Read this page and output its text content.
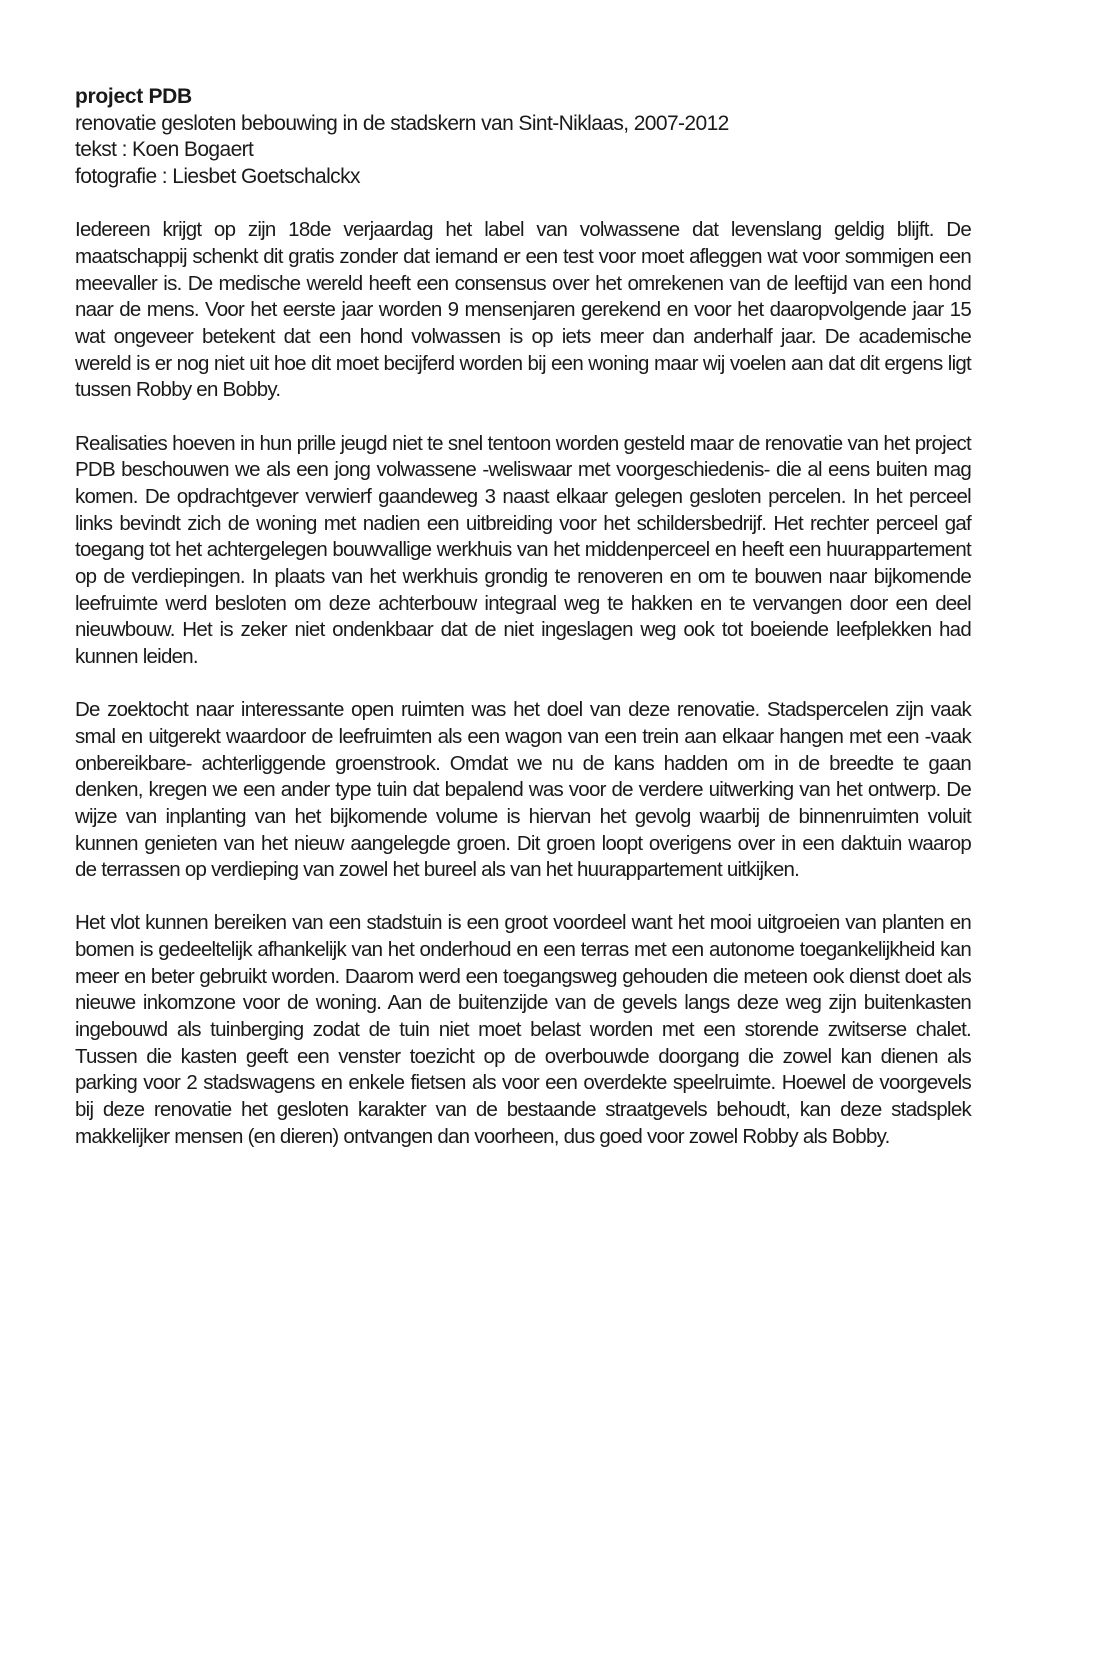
project PDB
renovatie gesloten bebouwing in de stadskern van Sint-Niklaas, 2007-2012
tekst : Koen Bogaert
fotografie : Liesbet Goetschalckx

Iedereen krijgt op zijn 18de verjaardag het label van volwassene dat levenslang geldig blijft. De maatschappij schenkt dit gratis zonder dat iemand er een test voor moet afleggen wat voor sommigen een meevaller is. De medische wereld heeft een consensus over het omrekenen van de leeftijd van een hond naar de mens. Voor het eerste jaar worden 9 mensenjaren gerekend en voor het daaropvolgende jaar 15 wat ongeveer betekent dat een hond volwassen is op iets meer dan anderhalf jaar. De academische wereld is er nog niet uit hoe dit moet becijferd worden bij een woning maar wij voelen aan dat dit ergens ligt tussen Robby en Bobby.

Realisaties hoeven in hun prille jeugd niet te snel tentoon worden gesteld maar de renovatie van het project PDB beschouwen we als een jong volwassene -weliswaar met voorgeschiedenis- die al eens buiten mag komen. De opdrachtgever verwierf gaandeweg 3 naast elkaar gelegen gesloten percelen. In het perceel links bevindt zich de woning met nadien een uitbreiding voor het schildersbedrijf. Het rechter perceel gaf toegang tot het achtergelegen bouwvallige werkhuis van het middenperceel en heeft een huurappartement op de verdiepingen. In plaats van het werkhuis grondig te renoveren en om te bouwen naar bijkomende leefruimte werd besloten om deze achterbouw integraal weg te hakken en te vervangen door een deel nieuwbouw. Het is zeker niet ondenkbaar dat de niet ingeslagen weg ook tot boeiende leefplekken had kunnen leiden.

De zoektocht naar interessante open ruimten was het doel van deze renovatie. Stadspercelen zijn vaak smal en uitgerekt waardoor de leefruimten als een wagon van een trein aan elkaar hangen met een -vaak onbereikbare- achterliggende groenstrook. Omdat we nu de kans hadden om in de breedte te gaan denken, kregen we een ander type tuin dat bepalend was voor de verdere uitwerking van het ontwerp. De wijze van inplanting van het bijkomende volume is hiervan het gevolg waarbij de binnenruimten voluit kunnen genieten van het nieuw aangelegde groen. Dit groen loopt overigens over in een daktuin waarop de terrassen op verdieping van zowel het bureel als van het huurappartement uitkijken.

Het vlot kunnen bereiken van een stadstuin is een groot voordeel want het mooi uitgroeien van planten en bomen is gedeeltelijk afhankelijk van het onderhoud en een terras met een autonome toegankelijkheid kan meer en beter gebruikt worden. Daarom werd een toegangsweg gehouden die meteen ook dienst doet als nieuwe inkomzone voor de woning. Aan de buitenzijde van de gevels langs deze weg zijn buitenkasten ingebouwd als tuinberging zodat de tuin niet moet belast worden met een storende zwitserse chalet. Tussen die kasten geeft een venster toezicht op de overbouwde doorgang die zowel kan dienen als parking voor 2 stadswagens en enkele fietsen als voor een overdekte speelruimte. Hoewel de voorgevels bij deze renovatie het gesloten karakter van de bestaande straatgevels behoudt, kan deze stadsplek makkelijker mensen (en dieren) ontvangen dan voorheen, dus goed voor zowel Robby als Bobby.
